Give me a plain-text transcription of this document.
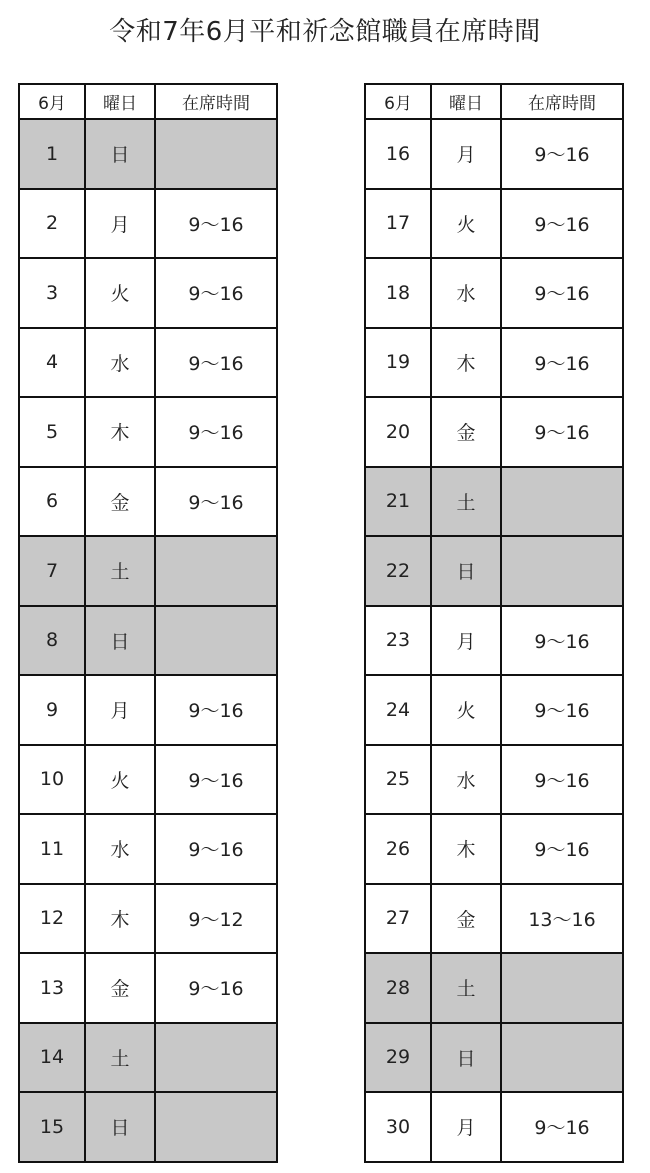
令和7年6月平和祈念館職員在席時間
6月	曜日	在席時間
1	日	
2	月	9～16
3	火	9～16
4	水	9～16
5	木	9～16
6	金	9～16
7	土	
8	日	
9	月	9～16
10	火	9～16
11	水	9～16
12	木	9～12
13	金	9～16
14	土	
15	日	
6月	曜日	在席時間
16	月	9～16
17	火	9～16
18	水	9～16
19	木	9～16
20	金	9～16
21	土	
22	日	
23	月	9～16
24	火	9～16
25	水	9～16
26	木	9～16
27	金	13～16
28	土	
29	日	
30	月	9～16
